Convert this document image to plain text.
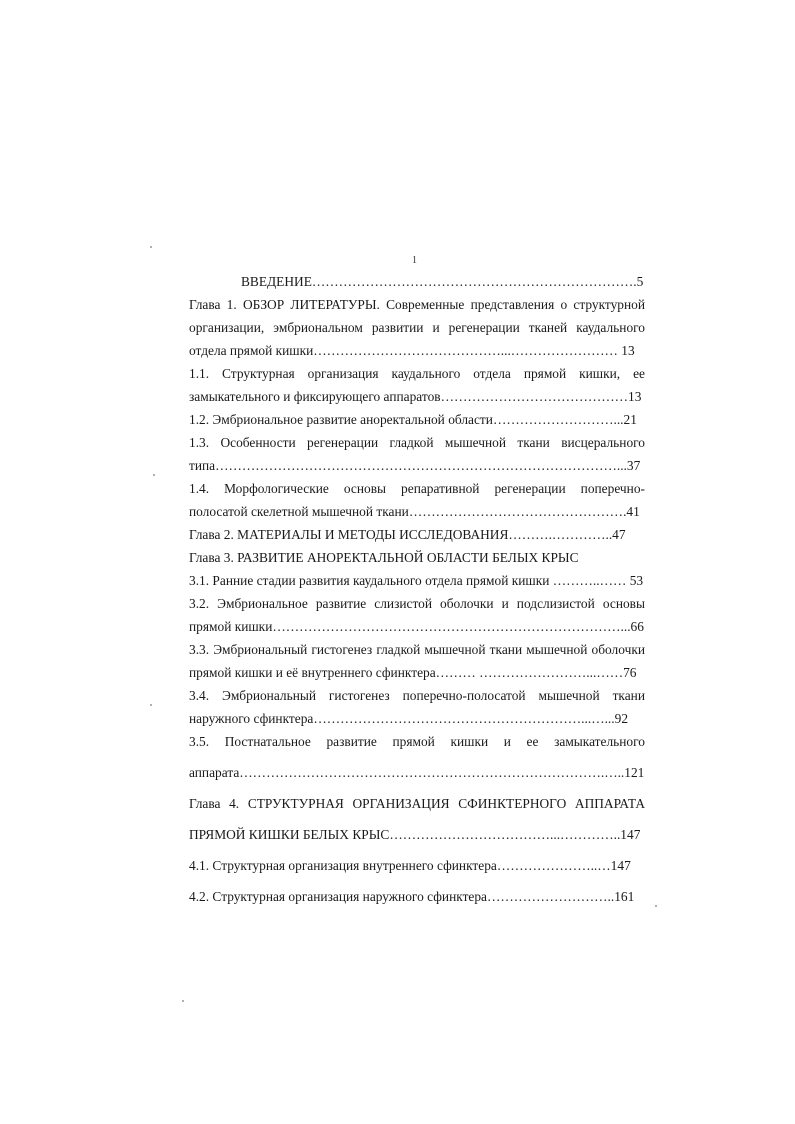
1
ВВЕДЕНИЕ……………………………………………………………….5
Глава 1. ОБЗОР ЛИТЕРАТУРЫ. Современные представления о структурной
организации, эмбриональном развитии и регенерации тканей каудального
отдела прямой кишки……………………………………...…………………… 13
1.1. Структурная организация каудального отдела прямой кишки, ее
замыкательного и фиксирующего аппаратов……………………………………13
1.2. Эмбриональное развитие аноректальной области………………………...21
1.3. Особенности регенерации гладкой мышечной ткани висцерального
типа………………………………………………………………………………...37
1.4. Морфологические основы репаративной регенерации поперечно-
полосатой скелетной мышечной ткани………………………………………….41
Глава 2. МАТЕРИАЛЫ И МЕТОДЫ ИССЛЕДОВАНИЯ……….…………..47
Глава 3. РАЗВИТИЕ АНОРЕКТАЛЬНОЙ ОБЛАСТИ БЕЛЫХ КРЫС
3.1. Ранние стадии развития каудального отдела прямой кишки ………..…… 53
3.2. Эмбриональное развитие слизистой оболочки и подслизистой основы
прямой кишки……………………………………………………………………...66
3.3. Эмбриональный гистогенез гладкой мышечной ткани мышечной оболочки
прямой кишки и её внутреннего сфинктера……… ……………………...……76
3.4. Эмбриональный гистогенез поперечно-полосатой мышечной ткани
наружного сфинктера……………………………………………………...…...92
3.5. Постнатальное развитие прямой кишки и ее замыкательного
аппарата……………………………………………………………………….…..121
Глава 4. СТРУКТУРНАЯ ОРГАНИЗАЦИЯ СФИНКТЕРНОГО АППАРАТА
ПРЯМОЙ КИШКИ БЕЛЫХ КРЫС………………………………...…………..147
4.1. Структурная организация внутреннего сфинктера…………………..…147
4.2. Структурная организация наружного сфинктера………………………..161
